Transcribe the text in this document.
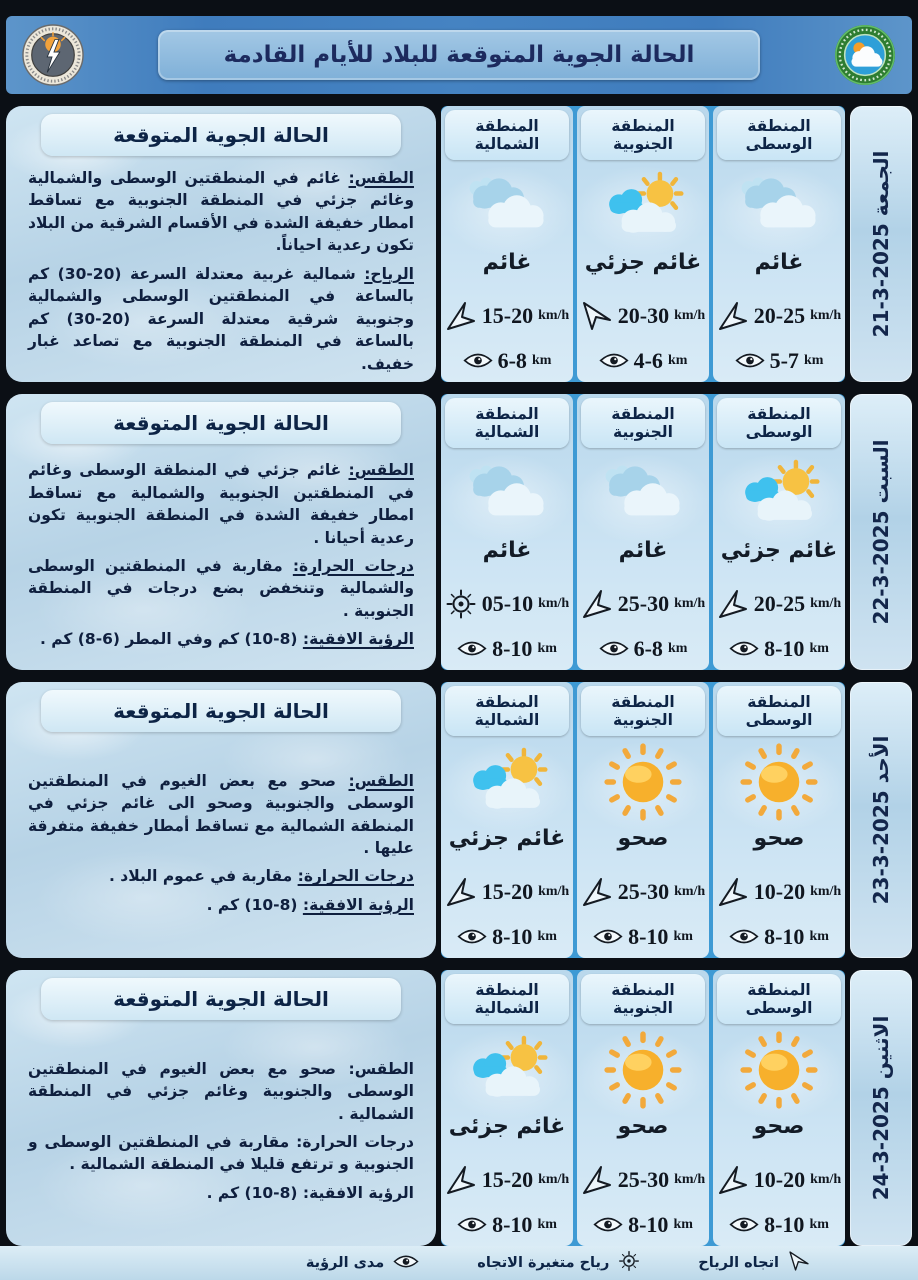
الحالة الجوية المتوقعة للبلاد للأيام القادمة
الجمعة 2025-3-21
المنطقة الوسطى
غائم
20-25 km/h
5-7 km
المنطقة الجنوبية
غائم جزئي
20-30 km/h
4-6 km
المنطقة الشمالية
غائم
15-20 km/h
6-8 km
الحالة الجوية المتوقعة

الطقس: غائم في المنطقتين الوسطى والشمالية وغائم جزئي في المنطقة الجنوبية مع تساقط امطار خفيفة الشدة في الأقسام الشرقية من البلاد تكون رعدية احياناً.

الرياح: شمالية غربية معتدلة السرعة (20-30) كم بالساعة في المنطقتين الوسطى والشمالية وجنوبية شرقية معتدلة السرعة (20-30) كم بالساعة في المنطقة الجنوبية مع تصاعد غبار خفيف.

السبت 2025-3-22
المنطقة الوسطى
غائم جزئي
20-25 km/h
8-10 km
المنطقة الجنوبية
غائم
25-30 km/h
6-8 km
المنطقة الشمالية
غائم
05-10 km/h
8-10 km
الحالة الجوية المتوقعة

الطقس: غائم جزئي في المنطقة الوسطى وغائم في المنطقتين الجنوبية والشمالية مع تساقط امطار خفيفة الشدة في المنطقة الجنوبية تكون رعدية أحيانا .

درجات الحرارة: مقاربة في المنطقتين الوسطى والشمالية وتنخفض بضع درجات في المنطقة الجنوبية .

الرؤية الافقية: (8-10) كم وفي المطر (6-8) كم .

الأحد 2025-3-23
المنطقة الوسطى
صحو
10-20 km/h
8-10 km
المنطقة الجنوبية
صحو
25-30 km/h
8-10 km
المنطقة الشمالية
غائم جزئي
15-20 km/h
8-10 km
الحالة الجوية المتوقعة

الطقس: صحو مع بعض الغيوم في المنطقتين الوسطى والجنوبية وصحو الى غائم جزئي في المنطقة الشمالية مع تساقط أمطار خفيفة متفرقة عليها .

درجات الحرارة: مقاربة في عموم البلاد .

الرؤية الافقية: (8-10) كم .

الاثنين 2025-3-24
المنطقة الوسطى
صحو
10-20 km/h
8-10 km
المنطقة الجنوبية
صحو
25-30 km/h
8-10 km
المنطقة الشمالية
غائم جزئى
15-20 km/h
8-10 km
الحالة الجوية المتوقعة

الطقس: صحو مع بعض الغيوم في المنطقتين الوسطى والجنوبية وغائم جزئي في المنطقة الشمالية .

درجات الحرارة: مقاربة في المنطقتين الوسطى و الجنوبية و ترتفع قليلا في المنطقة الشمالية .

الرؤية الافقية: (8-10) كم .

اتجاه الرياح
رياح متغيرة الاتجاه
مدى الرؤية
